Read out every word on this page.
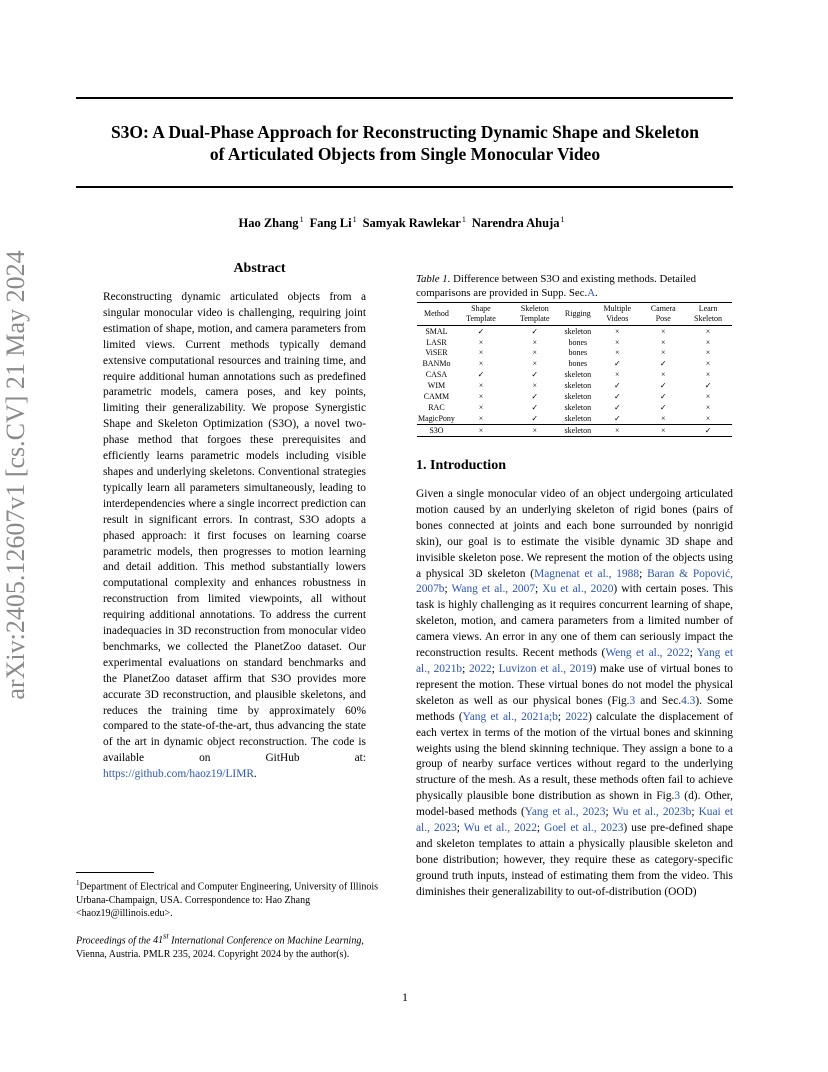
S3O: A Dual-Phase Approach for Reconstructing Dynamic Shape and Skeleton
of Articulated Objects from Single Monocular Video
Hao Zhang$^1$ Fang Li$^1$ Samyak Rawlekar$^1$ Narendra Ahuja$^1$
arXiv:2405.12607v1 [cs.CV] 21 May 2024	Abstract
Reconstructing dynamic articulated objects from a singular monocular video is challenging, requiring joint estimation of shape, motion, and camera parameters from limited views. Current methods typically demand extensive computational resources and training time, and require additional human annotations such as predefined parametric models, camera poses, and key points, limiting their generalizability. We propose Synergistic Shape and Skeleton Optimization (S3O), a novel two-phase method that forgoes these prerequisites and efficiently learns parametric models including visible shapes and underlying skeletons. Conventional strategies typically learn all parameters simultaneously, leading to interdependencies where a single incorrect prediction can result in significant errors. In contrast, S3O adopts a phased approach: it first focuses on learning coarse parametric models, then progresses to motion learning and detail addition. This method substantially lowers computational complexity and enhances robustness in reconstruction from limited viewpoints, all without requiring additional annotations. To address the current inadequacies in 3D reconstruction from monocular video benchmarks, we collected the PlanetZoo dataset. Our experimental evaluations on standard benchmarks and the PlanetZoo dataset affirm that S3O provides more accurate 3D reconstruction, and plausible skeletons, and reduces the training time by approximately 60% compared to the state-of-the-art, thus advancing the state of the art in dynamic object reconstruction. The code is available on GitHub at: https://github.com/haoz19/LIMR.
$^1$Department of Electrical and Computer Engineering, University of Illinois Urbana-Champaign, USA. Correspondence to: Hao Zhang <haoz19@illinois.edu>.
Proceedings of the 41st International Conference on Machine Learning, Vienna, Austria. PMLR 235, 2024. Copyright 2024 by the author(s).
1
Table 1. Difference between S3O and existing methods. Detailed comparisons are provided in Supp. Sec.A.
Method	Shape Template	Skeleton Template	Rigging	Multiple Videos	Camera Pose	Learn Skeleton
SMAL	✓	✓	skeleton	×	×	×
LASR	×	×	bones	×	×	×
ViSER	×	×	bones	×	×	×
BANMo	×	×	bones	✓	✓	×
CASA	✓	✓	skeleton	×	×	×
WIM	×	×	skeleton	✓	✓	✓
CAMM	×	✓	skeleton	✓	✓	×
RAC	×	✓	skeleton	✓	✓	×
MagicPony	×	✓	skeleton	✓	×	×
S3O	×	×	skeleton	×	×	✓
1. Introduction
Given a single monocular video of an object undergoing articulated motion caused by an underlying skeleton of rigid bones (pairs of bones connected at joints and each bone surrounded by nonrigid skin), our goal is to estimate the visible dynamic 3D shape and invisible skeleton pose. We represent the motion of the objects using a physical 3D skeleton (Magnenat et al., 1988; Baran & Popović, 2007b; Wang et al., 2007; Xu et al., 2020) with certain poses. This task is highly challenging as it requires concurrent learning of shape, skeleton, motion, and camera parameters from a limited number of camera views. An error in any one of them can seriously impact the reconstruction results. Recent methods (Weng et al., 2022; Yang et al., 2021b; 2022; Luvizon et al., 2019) make use of virtual bones to represent the motion. These virtual bones do not model the physical skeleton as well as our physical bones (Fig.3 and Sec.4.3). Some methods (Yang et al., 2021a;b; 2022) calculate the displacement of each vertex in terms of the motion of the virtual bones and skinning weights using the blend skinning technique. They assign a bone to a group of nearby surface vertices without regard to the underlying structure of the mesh. As a result, these methods often fail to achieve physically plausible bone distribution as shown in Fig.3 (d). Other, model-based methods (Yang et al., 2023; Wu et al., 2023b; Kuai et al., 2023; Wu et al., 2022; Goel et al., 2023) use pre-defined shape and skeleton templates to attain a physically plausible skeleton and bone distribution; however, they require these as category-specific ground truth inputs, instead of estimating them from the video. This diminishes their generalizability to out-of-distribution (OOD)
